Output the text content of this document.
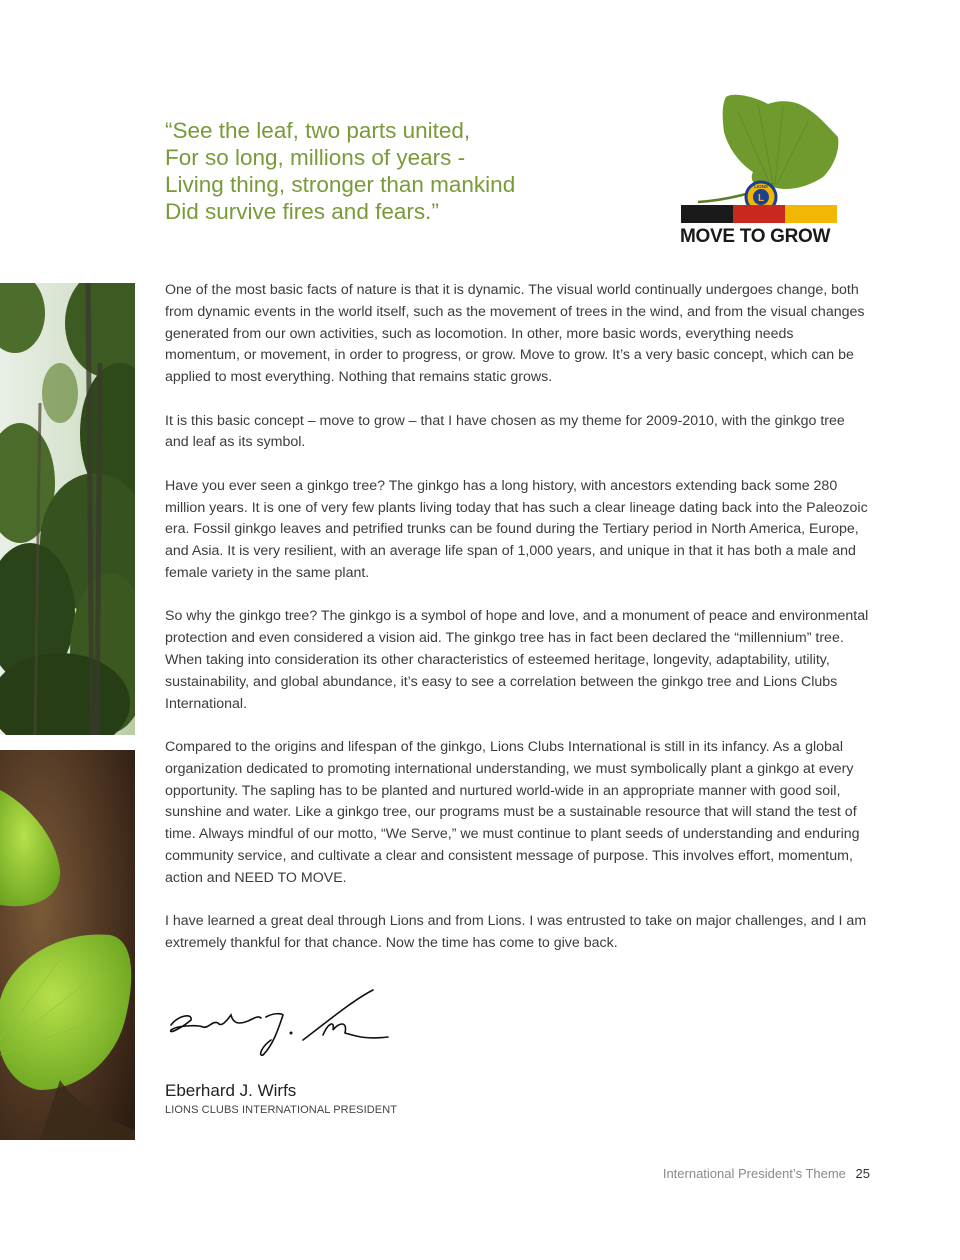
“See the leaf, two parts united,
For so long, millions of years -
Living thing, stronger than mankind
Did survive fires and fears.”
L
LIONS
MOVE TO GROW

One of the most basic facts of nature is that it is dynamic. The visual world continually undergoes change, both from dynamic events in the world itself, such as the movement of trees in the wind, and from the visual changes generated from our own activities, such as locomotion. In other, more basic words, everything needs momentum, or movement, in order to progress, or grow. Move to grow. It’s a very basic concept, which can be applied to most everything. Nothing that remains static grows.

It is this basic concept – move to grow – that I have chosen as my theme for 2009-2010, with the ginkgo tree and leaf as its symbol.

Have you ever seen a ginkgo tree? The ginkgo has a long history, with ancestors extending back some 280 million years. It is one of very few plants living today that has such a clear lineage dating back into the Paleozoic era. Fossil ginkgo leaves and petrified trunks can be found during the Tertiary period in North America, Europe, and Asia. It is very resilient, with an average life span of 1,000 years, and unique in that it has both a male and female variety in the same plant.

So why the ginkgo tree? The ginkgo is a symbol of hope and love, and a monument of peace and environmental protection and even considered a vision aid. The ginkgo tree has in fact been declared the “millennium” tree. When taking into consideration its other characteristics of esteemed heritage, longevity, adaptability, utility, sustainability, and global abundance, it’s easy to see a correlation between the ginkgo tree and Lions Clubs International.

Compared to the origins and lifespan of the ginkgo, Lions Clubs International is still in its infancy. As a global organization dedicated to promoting international understanding, we must symbolically plant a ginkgo at every opportunity. The sapling has to be planted and nurtured world-wide in an appropriate manner with good soil, sunshine and water. Like a ginkgo tree, our programs must be a sustainable resource that will stand the test of time. Always mindful of our motto, “We Serve,” we must continue to plant seeds of understanding and enduring community service, and cultivate a clear and consistent message of purpose. This involves effort, momentum, action and NEED TO MOVE.

I have learned a great deal through Lions and from Lions. I was entrusted to take on major challenges, and I am extremely thankful for that chance. Now the time has come to give back.

Eberhard J. Wirfs
LIONS CLUBS INTERNATIONAL PRESIDENT
International President’s Theme 25
